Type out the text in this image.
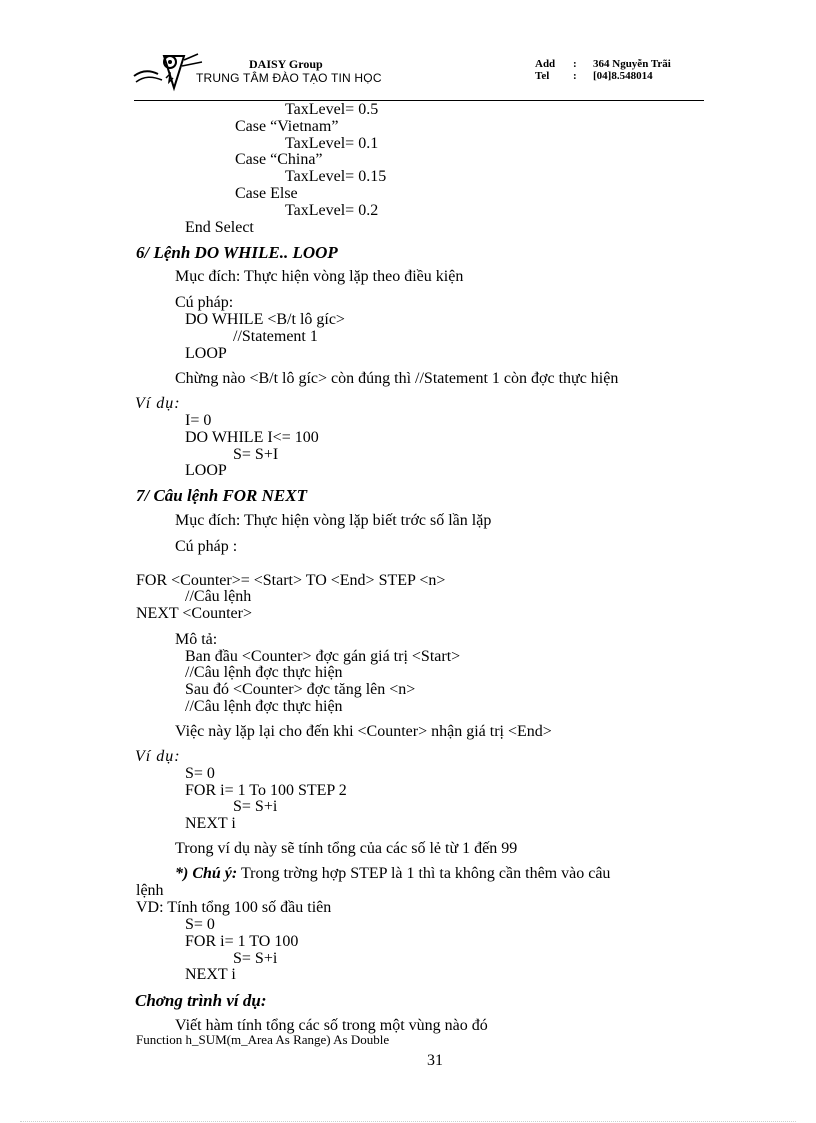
DAISY Group
TRUNG TÂM ĐÀO TẠO TIN HỌC
Add : 364 Nguyễn Trãi
Tel : [04]8.548014
TaxLevel= 0.5
Case “Vietnam”
TaxLevel= 0.1
Case “China”
TaxLevel= 0.15
Case Else
TaxLevel= 0.2
End Select
6/ Lệnh DO WHILE.. LOOP
Mục đích: Thực hiện vòng lặp theo điều kiện
Cú pháp:
DO WHILE <B/t lô gíc>
//Statement 1
LOOP
Chừng nào <B/t lô gíc> còn đúng thì //Statement 1 còn đợc thực hiện
Ví dụ:
I= 0
DO WHILE I<= 100
S= S+I
LOOP
7/ Câu lệnh FOR NEXT
Mục đích: Thực hiện vòng lặp biết trớc số lần lặp
Cú pháp :
FOR <Counter>= <Start> TO <End> STEP <n>
//Câu lệnh
NEXT <Counter>
Mô tả:
Ban đầu <Counter> đợc gán giá trị <Start>
//Câu lệnh đợc thực hiện
Sau đó <Counter> đợc tăng lên <n>
//Câu lệnh đợc thực hiện
Việc này lặp lại cho đến khi <Counter> nhận giá trị <End>
Ví dụ:
S= 0
FOR i= 1 To 100 STEP 2
S= S+i
NEXT i
Trong ví dụ này sẽ tính tổng của các số lẻ từ 1 đến 99
*) Chú ý: Trong trờng hợp STEP là 1 thì ta không cần thêm vào câu
lệnh
VD: Tính tổng 100 số đầu tiên
S= 0
FOR i= 1 TO 100
S= S+i
NEXT i
Chơng trình ví dụ:
Viết hàm tính tổng các số trong một vùng nào đó
Function h_SUM(m_Area As Range) As Double
31
